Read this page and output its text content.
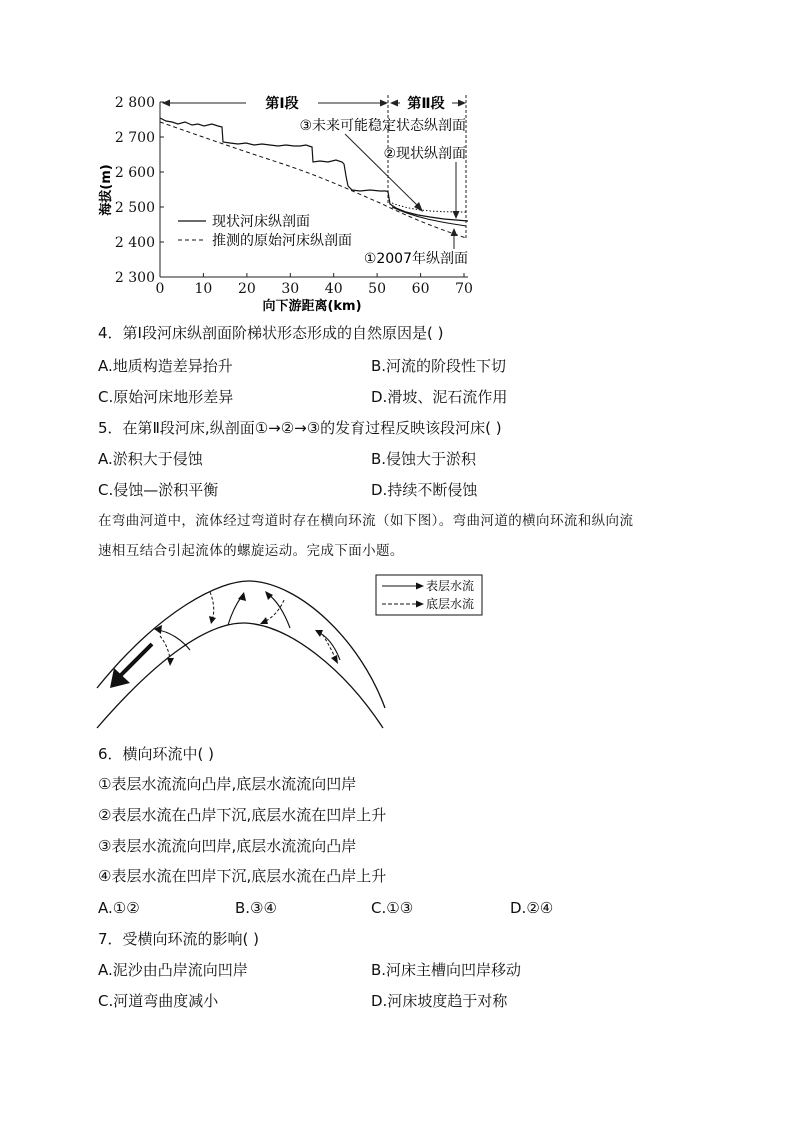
2 800
2 700
2 600
2 500
2 400
2 300
0 10 20 30 40 50 60 70
海拔(m)
向下游距离(km)
第Ⅰ段	第Ⅱ段
③未来可能稳定状态纵剖面
②现状纵剖面
①2007年纵剖面
现状河床纵剖面
推测的原始河床纵剖面
4．第Ⅰ段河床纵剖面阶梯状形态形成的自然原因是( )
A.地质构造差异抬升	B.河流的阶段性下切
C.原始河床地形差异	D.滑坡、泥石流作用
5．在第Ⅱ段河床,纵剖面①→②→③的发育过程反映该段河床( )
A.淤积大于侵蚀	B.侵蚀大于淤积
C.侵蚀—淤积平衡	D.持续不断侵蚀
在弯曲河道中，流体经过弯道时存在横向环流（如下图）。弯曲河道的横向环流和纵向流
速相互结合引起流体的螺旋运动。完成下面小题。
表层水流
底层水流
6．横向环流中( )
①表层水流流向凸岸,底层水流流向凹岸
②表层水流在凸岸下沉,底层水流在凹岸上升
③表层水流流向凹岸,底层水流流向凸岸
④表层水流在凹岸下沉,底层水流在凸岸上升
A.①②	B.③④	C.①③	D.②④
7．受横向环流的影响( )
A.泥沙由凸岸流向凹岸	B.河床主槽向凹岸移动
C.河道弯曲度减小	D.河床坡度趋于对称
